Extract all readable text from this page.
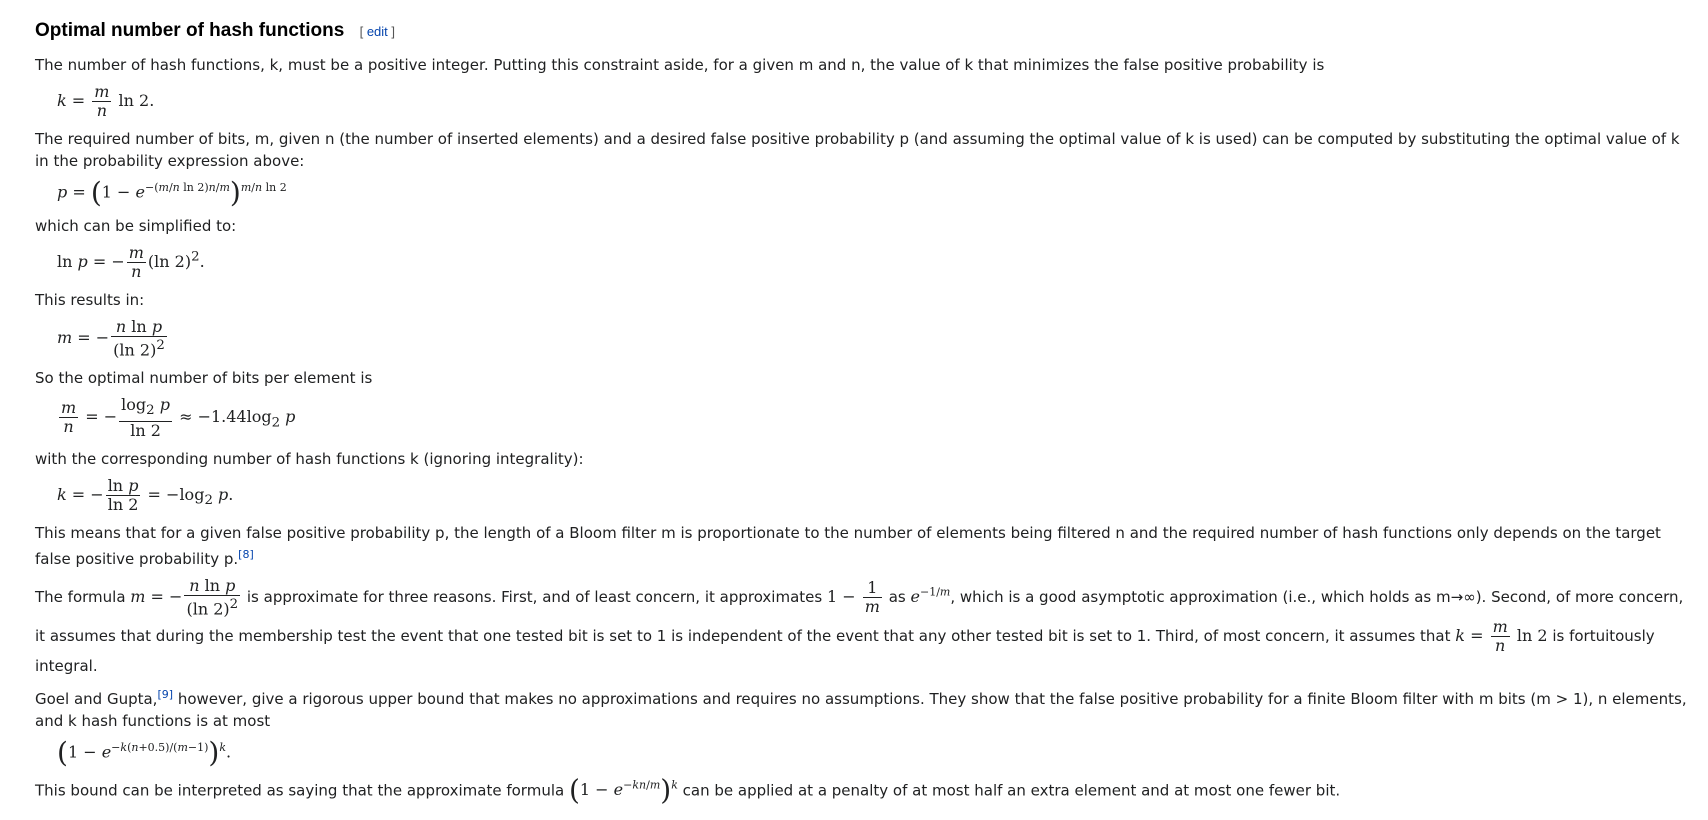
Optimal number of hash functions [ edit ]

The number of hash functions, k, must be a positive integer. Putting this constraint aside, for a given m and n, the value of k that minimizes the false positive probability is

$k = \frac{m}{n}$ ln 2.

The required number of bits, m, given n (the number of inserted elements) and a desired false positive probability p (and assuming the optimal value of k is used) can be computed by substituting the optimal value of k in the probability expression above:

$p = (1 - e^{-(m/n ln 2)n/m})^{m/n ln 2}$

which can be simplified to:

ln p = − $\frac{m}{n} (\ln$ 2)$^2$.

This results in:

m = − $\frac{\text{n ln p}}{(\ln 2)^2}$

So the optimal number of bits per element is

$\frac{m}{n}$ = − $\frac{\log_2 p}{\ln 2} \approx -1.44\log_2$ p

with the corresponding number of hash functions k (ignoring integrality):

k = − $\frac{\text{ln p}}{\ln 2} = -\log_2$ p.

This means that for a given false positive probability p, the length of a Bloom filter m is proportionate to the number of elements being filtered n and the required number of hash functions only depends on the target false positive probability p.[8]

The formula m = − $\frac{\text{n ln p}}{(\ln 2)^2}$ is approximate for three reasons. First, and of least concern, it approximates $1 - \frac{1}{m}$ as $e^{-1/m}$, which is a good asymptotic approximation (i.e., which holds as m→∞). Second, of more concern, it assumes that during the membership test the event that one tested bit is set to 1 is independent of the event that any other tested bit is set to 1. Third, of most concern, it assumes that $k = \frac{m}{n}$ ln 2 is fortuitously integral.

Goel and Gupta,[9] however, give a rigorous upper bound that makes no approximations and requires no assumptions. They show that the false positive probability for a finite Bloom filter with m bits (m > 1), n elements, and k hash functions is at most

$(1 - e^{-k(n+0.5)/(m-1)})^k$.

This bound can be interpreted as saying that the approximate formula $(1 - e^{-kn/m})^k$ can be applied at a penalty of at most half an extra element and at most one fewer bit.
